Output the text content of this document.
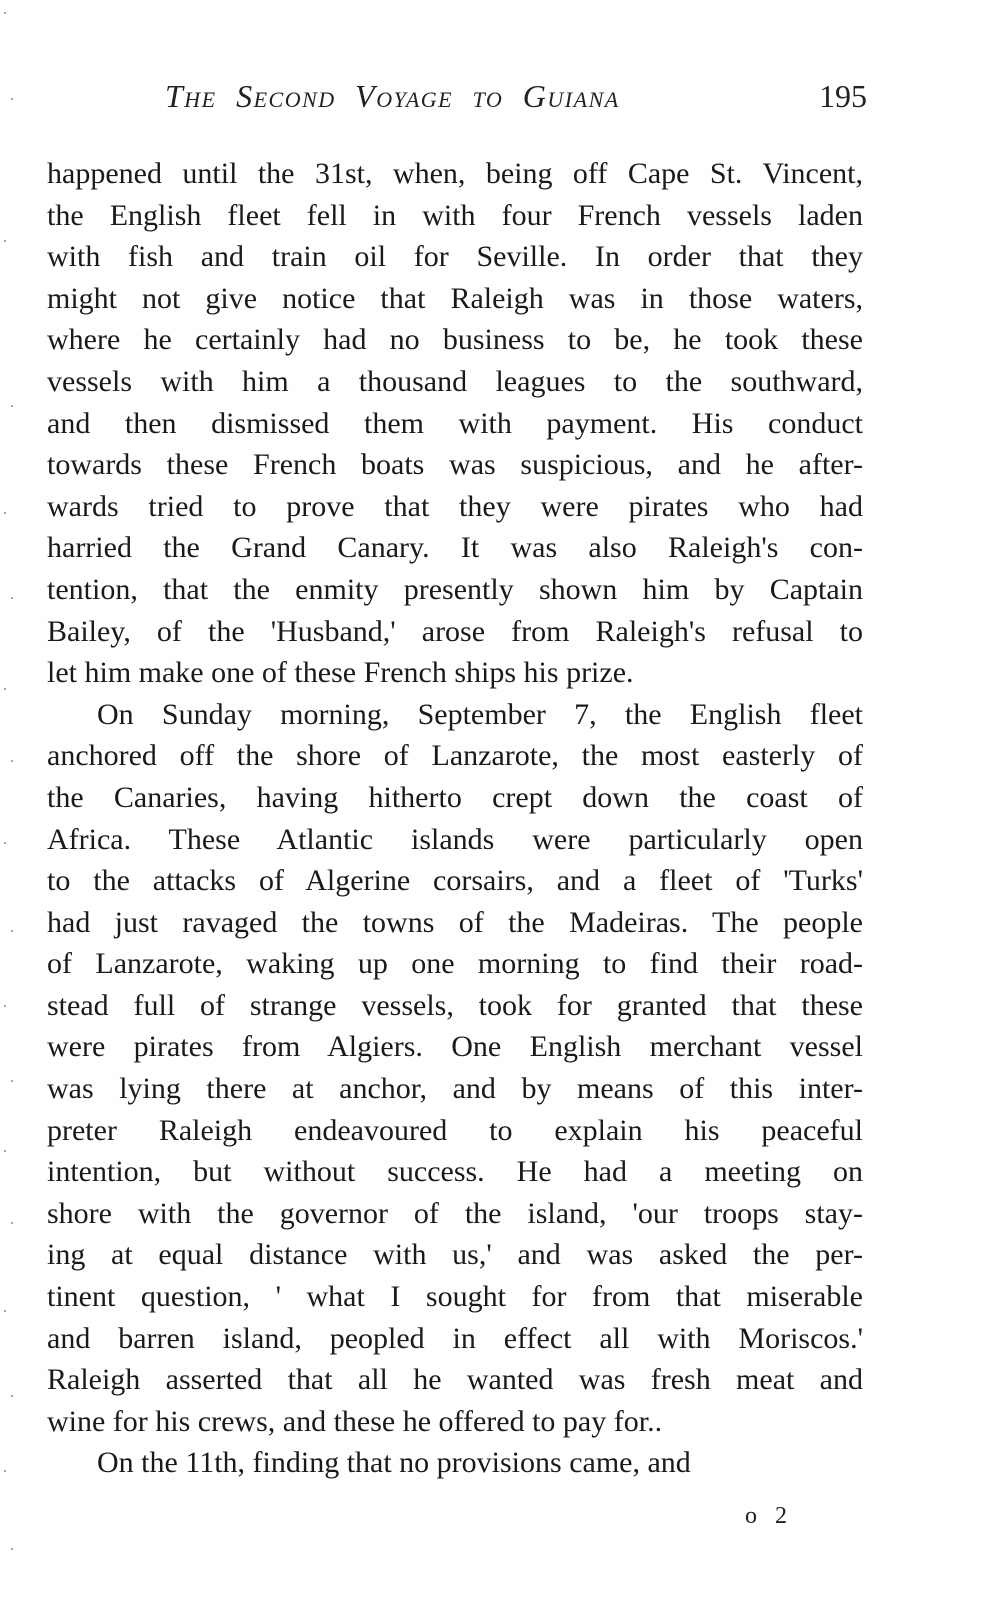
The Second Voyage to Guiana	195
happened until the 31st, when, being off Cape St. Vincent,
the English fleet fell in with four French vessels laden
with fish and train oil for Seville. In order that they
might not give notice that Raleigh was in those waters,
where he certainly had no business to be, he took these
vessels with him a thousand leagues to the southward,
and then dismissed them with payment. His conduct
towards these French boats was suspicious, and he after-
wards tried to prove that they were pirates who had
harried the Grand Canary. It was also Raleigh's con-
tention, that the enmity presently shown him by Captain
Bailey, of the 'Husband,' arose from Raleigh's refusal to
let him make one of these French ships his prize.
On Sunday morning, September 7, the English fleet
anchored off the shore of Lanzarote, the most easterly of
the Canaries, having hitherto crept down the coast of
Africa. These Atlantic islands were particularly open
to the attacks of Algerine corsairs, and a fleet of 'Turks'
had just ravaged the towns of the Madeiras. The people
of Lanzarote, waking up one morning to find their road-
stead full of strange vessels, took for granted that these
were pirates from Algiers. One English merchant vessel
was lying there at anchor, and by means of this inter-
preter Raleigh endeavoured to explain his peaceful
intention, but without success. He had a meeting on
shore with the governor of the island, 'our troops stay-
ing at equal distance with us,' and was asked the per-
tinent question, ' what I sought for from that miserable
and barren island, peopled in effect all with Moriscos.'
Raleigh asserted that all he wanted was fresh meat and
wine for his crews, and these he offered to pay for..
On the 11th, finding that no provisions came, and
o 2
